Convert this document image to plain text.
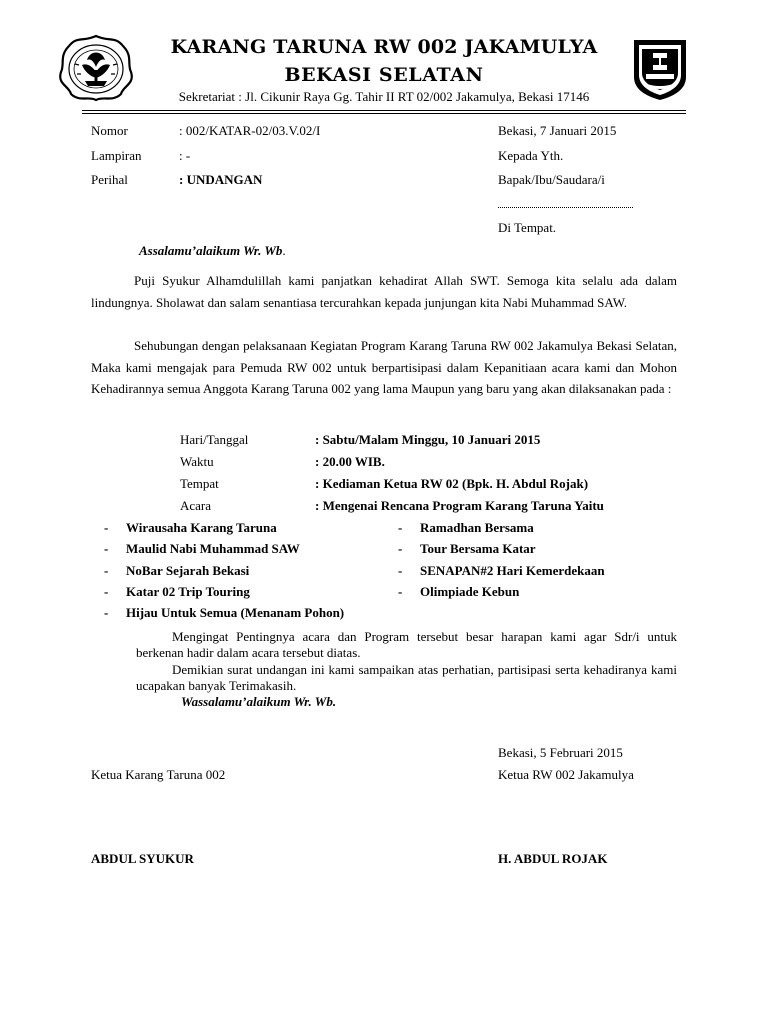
KARANG TARUNA RW 002 JAKAMULYA
BEKASI SELATAN
Sekretariat : Jl. Cikunir Raya Gg. Tahir II RT 02/002 Jakamulya, Bekasi 17146
Nomor	: 002/KATAR-02/03.V.02/I
Lampiran	: -
Perihal	: UNDANGAN
Bekasi, 7 Januari 2015
Kepada Yth.
Bapak/Ibu/Saudara/i
Di Tempat.
Assalamu’alaikum Wr. Wb.
Puji Syukur Alhamdulillah kami panjatkan kehadirat Allah SWT. Semoga kita selalu ada dalam lindungnya. Sholawat dan salam senantiasa tercurahkan kepada junjungan kita Nabi Muhammad SAW.
Sehubungan dengan pelaksanaan Kegiatan Program Karang Taruna RW 002 Jakamulya Bekasi Selatan, Maka kami mengajak para Pemuda RW 002 untuk berpartisipasi dalam Kepanitiaan acara kami dan Mohon Kehadirannya semua Anggota Karang Taruna 002 yang lama Maupun yang baru yang akan dilaksanakan pada :
Hari/Tanggal	: Sabtu/Malam Minggu, 10 Januari 2015
Waktu	: 20.00 WIB.
Tempat	: Kediaman Ketua RW 02 (Bpk. H. Abdul Rojak)
Acara	: Mengenai Rencana Program Karang Taruna Yaitu
- Wirausaha Karang Taruna
- Maulid Nabi Muhammad SAW
- NoBar Sejarah Bekasi
- Katar 02 Trip Touring
- Hijau Untuk Semua (Menanam Pohon)
- Ramadhan Bersama
- Tour Bersama Katar
- SENAPAN#2 Hari Kemerdekaan
- Olimpiade Kebun
Mengingat Pentingnya acara dan Program tersebut besar harapan kami agar Sdr/i untuk berkenan hadir dalam acara tersebut diatas.
Demikian surat undangan ini kami sampaikan atas perhatian, partisipasi serta kehadiranya kami ucapakan banyak Terimakasih.
Wassalamu’alaikum Wr. Wb.
Bekasi, 5 Februari 2015
Ketua Karang Taruna 002	Ketua RW 002 Jakamulya
ABDUL SYUKUR	H. ABDUL ROJAK
